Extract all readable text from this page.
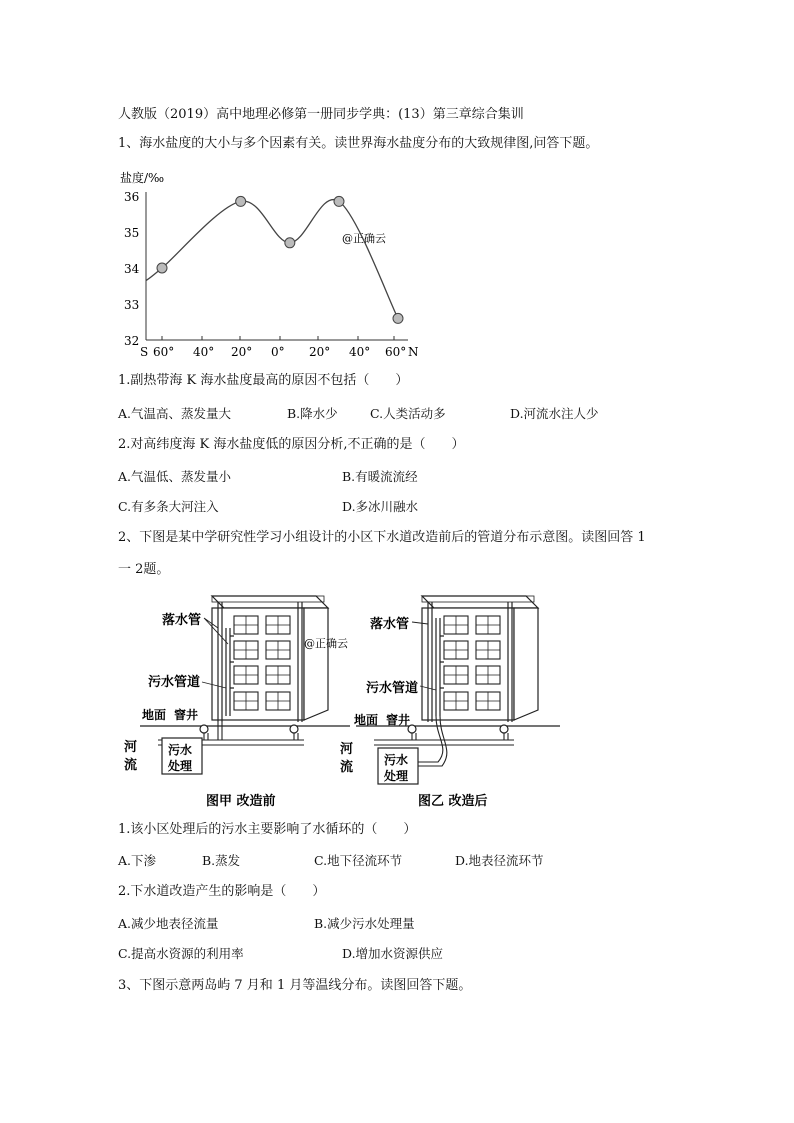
人教版（2019）高中地理必修第一册同步学典：(13）第三章综合集训
1、海水盐度的大小与多个因素有关。读世界海水盐度分布的大致规律图,问答下题。
盐度/‰
36
35
34
33
32
S 60° 40° 20° 0° 20° 40° 60° N
@正确云
1.副热带海 K 海水盐度最高的原因不包括（　　）
A.气温高、蒸发量大	B.降水少	C.人类活动多	D.河流水注人少
2.对高纬度海 K 海水盐度低的原因分析,不正确的是（　　）
A.气温低、蒸发量小	B.有暖流流经
C.有多条大河注入	D.多冰川融水
2、下图是某中学研究性学习小组设计的小区下水道改造前后的管道分布示意图。读图回答 1
一 2题。
落水管
污水管道
地面 窨井
河
流
污水
处理
@正确云
图甲 改造前
落水管
污水管道
地面 窨井
河
流	污水
处理
图乙 改造后
1.该小区处理后的污水主要影响了水循环的（　　）
A.下渗	B.蒸发	C.地下径流环节	D.地表径流环节
2.下水道改造产生的影响是（　　）
A.减少地表径流量	B.减少污水处理量
C.提高水资源的利用率	D.增加水资源供应
3、下图示意两岛屿 7 月和 1 月等温线分布。读图回答下题。
